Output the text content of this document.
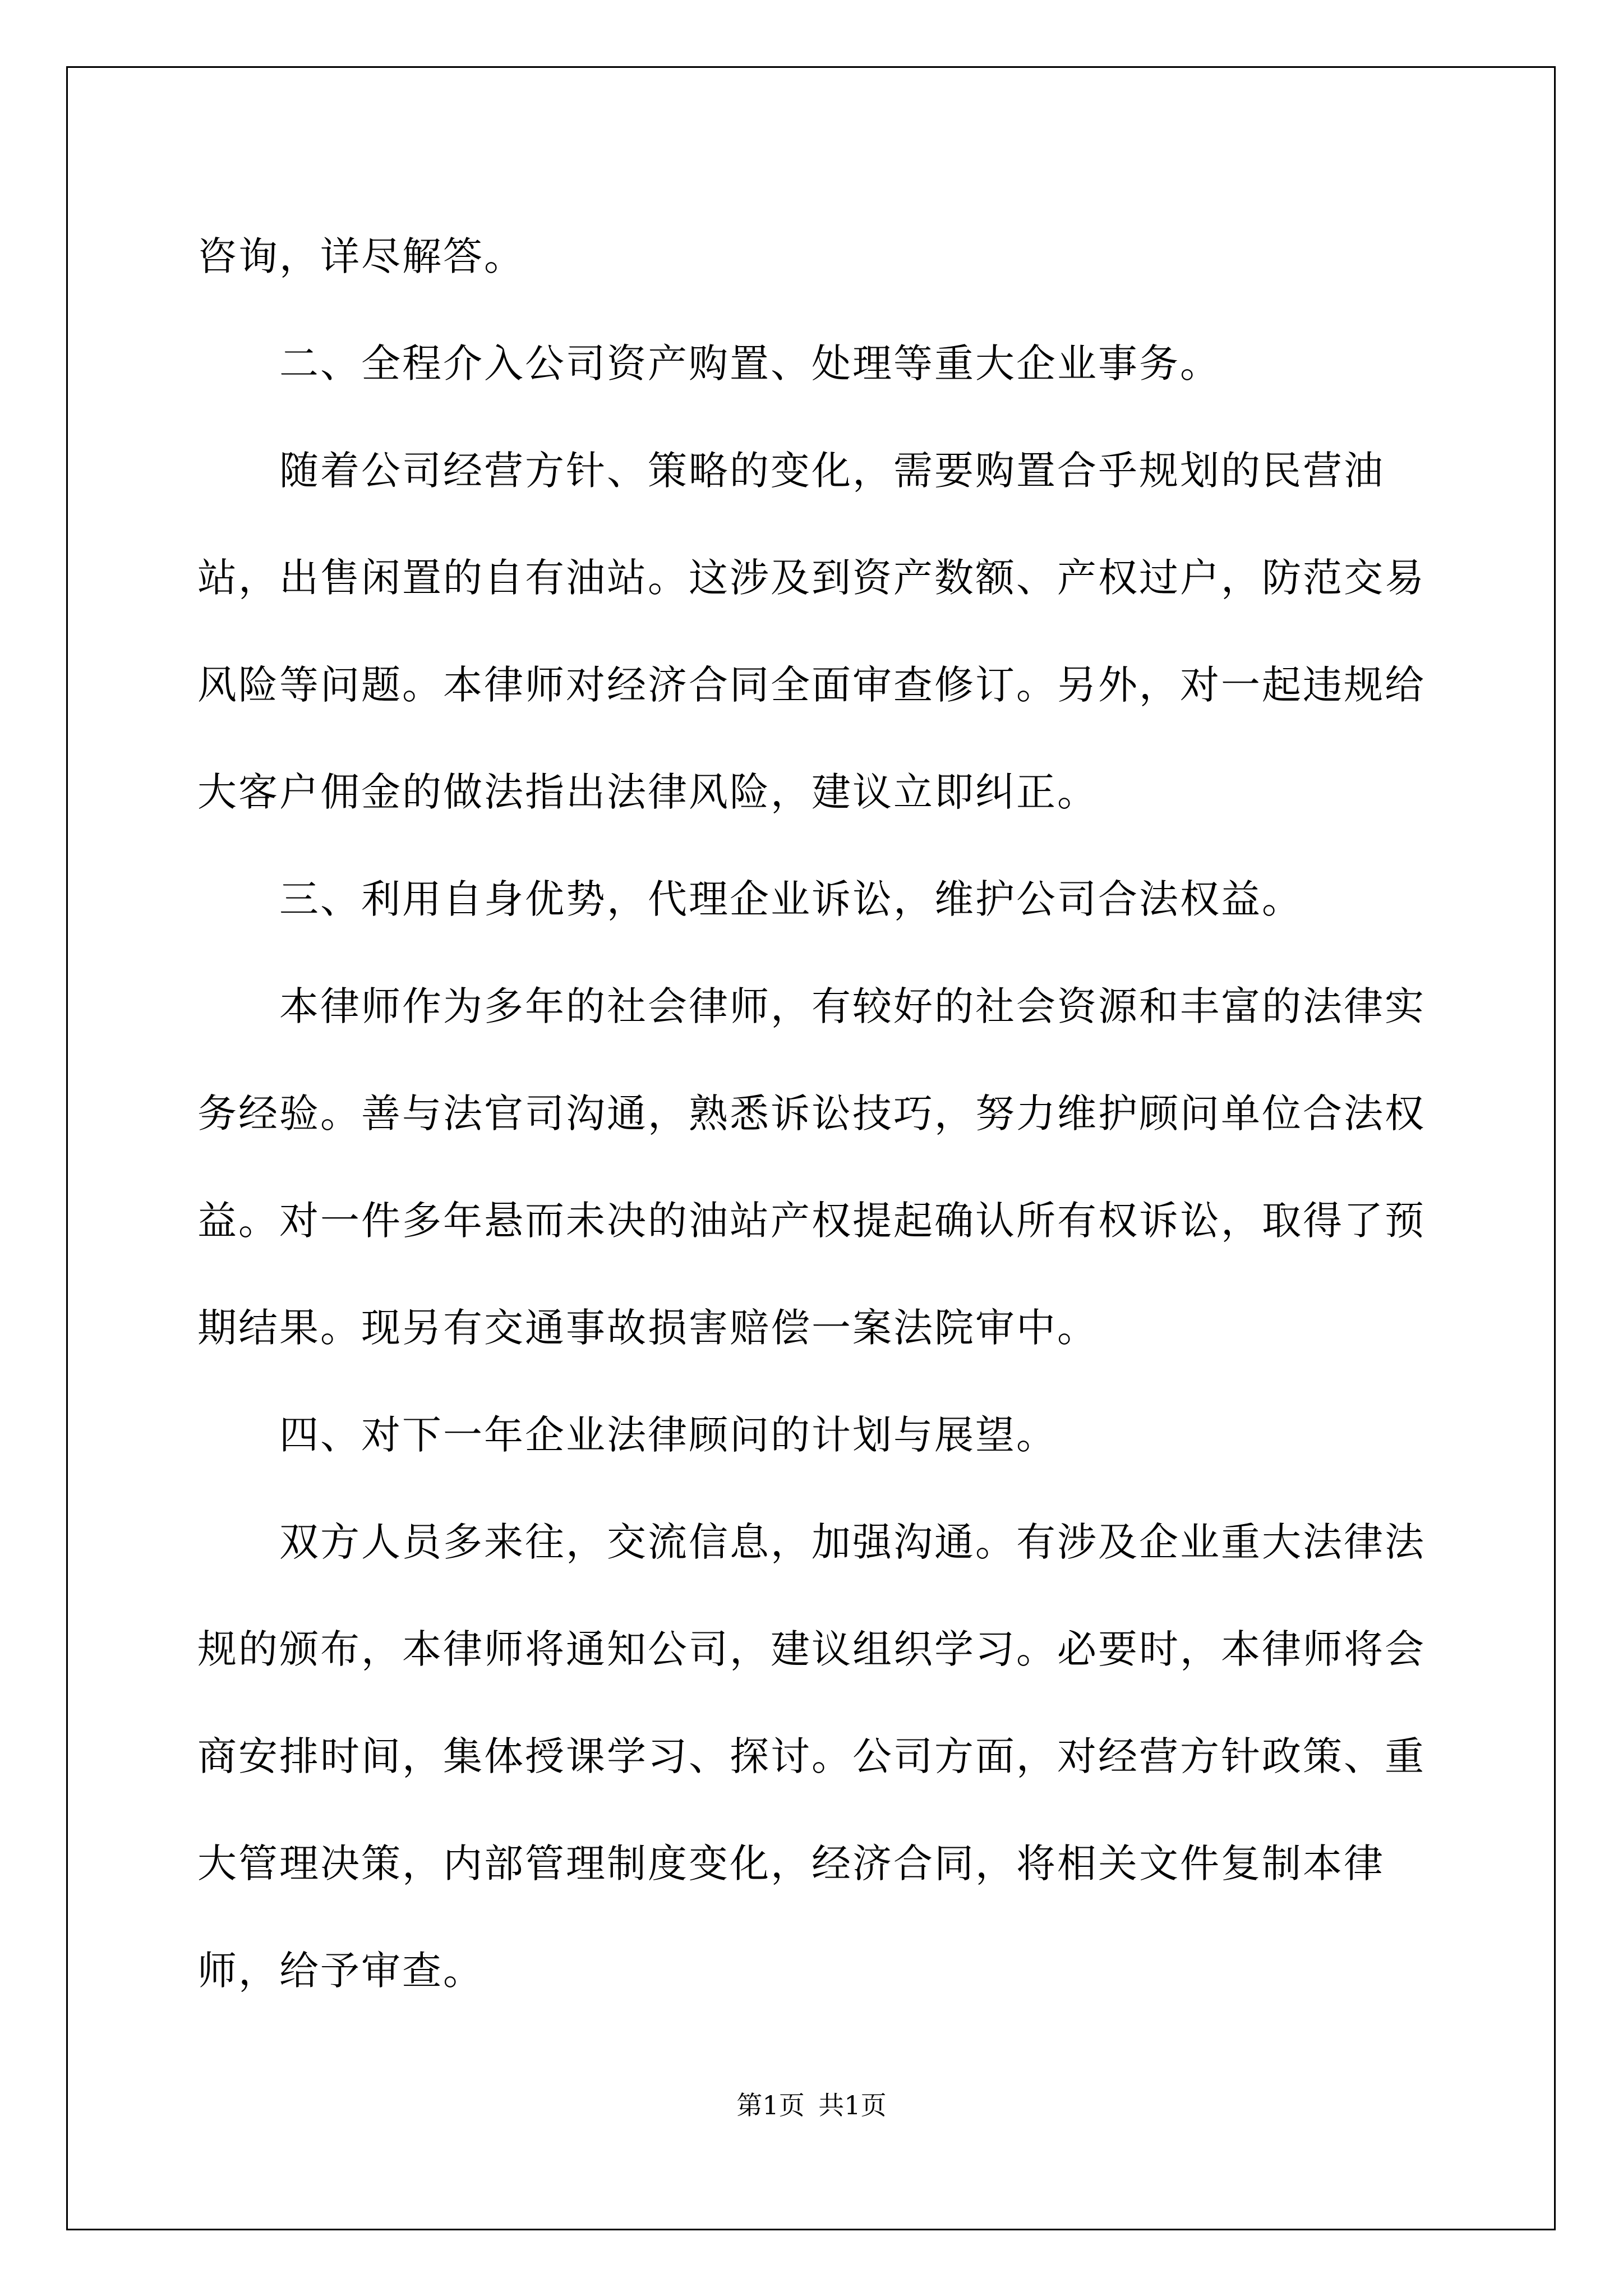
咨询，详尽解答。

　　二、全程介入公司资产购置、处理等重大企业事务。

　　随着公司经营方针、策略的变化，需要购置合乎规划的民营油站，出售闲置的自有油站。这涉及到资产数额、产权过户，防范交易风险等问题。本律师对经济合同全面审查修订。另外，对一起违规给大客户佣金的做法指出法律风险，建议立即纠正。

　　三、利用自身优势，代理企业诉讼，维护公司合法权益。

　　本律师作为多年的社会律师，有较好的社会资源和丰富的法律实务经验。善与法官司沟通，熟悉诉讼技巧，努力维护顾问单位合法权益。对一件多年悬而未决的油站产权提起确认所有权诉讼，取得了预期结果。现另有交通事故损害赔偿一案法院审中。

　　四、对下一年企业法律顾问的计划与展望。

　　双方人员多来往，交流信息，加强沟通。有涉及企业重大法律法规的颁布，本律师将通知公司，建议组织学习。必要时，本律师将会商安排时间，集体授课学习、探讨。公司方面，对经营方针政策、重大管理决策，内部管理制度变化，经济合同，将相关文件复制本律师，给予审查。

第1页 共1页
